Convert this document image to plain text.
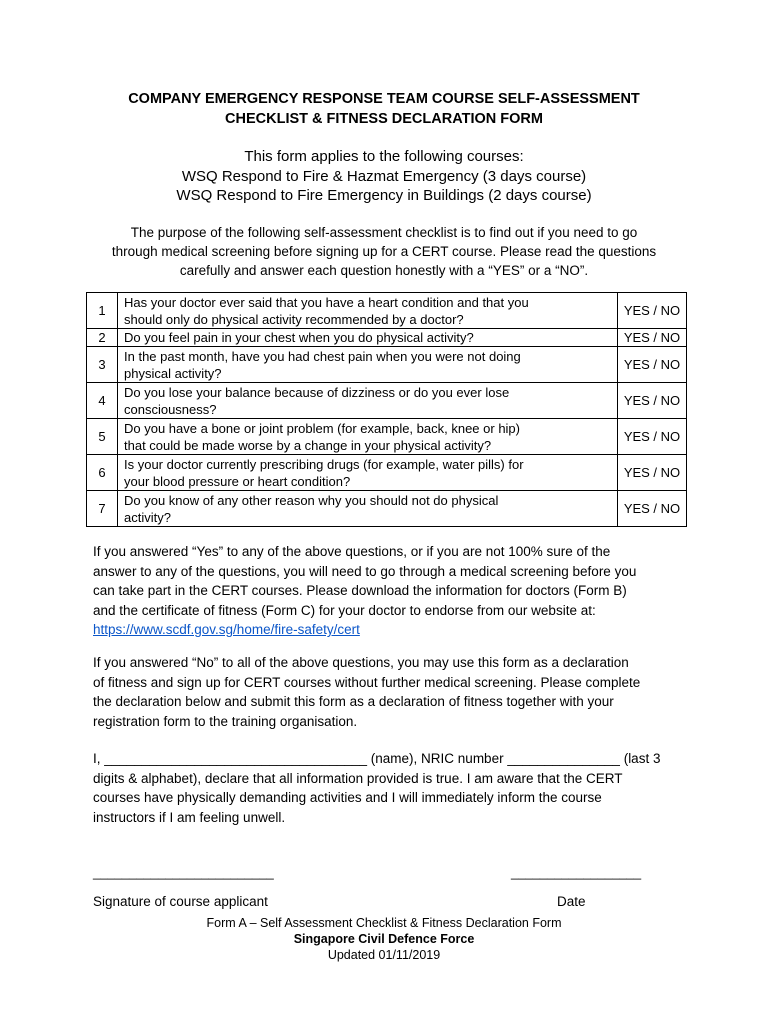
COMPANY EMERGENCY RESPONSE TEAM COURSE SELF-ASSESSMENT
CHECKLIST & FITNESS DECLARATION FORM
This form applies to the following courses:
WSQ Respond to Fire & Hazmat Emergency (3 days course)
WSQ Respond to Fire Emergency in Buildings (2 days course)
The purpose of the following self-assessment checklist is to find out if you need to go
through medical screening before signing up for a CERT course. Please read the questions
carefully and answer each question honestly with a “YES” or a “NO”.
1	Has your doctor ever said that you have a heart condition and that you
should only do physical activity recommended by a doctor?	YES / NO
2	Do you feel pain in your chest when you do physical activity?	YES / NO
3	In the past month, have you had chest pain when you were not doing
physical activity?	YES / NO
4	Do you lose your balance because of dizziness or do you ever lose
consciousness?	YES / NO
5	Do you have a bone or joint problem (for example, back, knee or hip)
that could be made worse by a change in your physical activity?	YES / NO
6	Is your doctor currently prescribing drugs (for example, water pills) for
your blood pressure or heart condition?	YES / NO
7	Do you know of any other reason why you should not do physical
activity?	YES / NO
If you answered “Yes” to any of the above questions, or if you are not 100% sure of the
answer to any of the questions, you will need to go through a medical screening before you
can take part in the CERT courses. Please download the information for doctors (Form B)
and the certificate of fitness (Form C) for your doctor to endorse from our website at:
https://www.scdf.gov.sg/home/fire-safety/cert
If you answered “No” to all of the above questions, you may use this form as a declaration
of fitness and sign up for CERT courses without further medical screening. Please complete
the declaration below and submit this form as a declaration of fitness together with your
registration form to the training organisation.
I, ___________________________________ (name), NRIC number _______________ (last 3
digits & alphabet), declare that all information provided is true. I am aware that the CERT
courses have physically demanding activities and I will immediately inform the course
instructors if I am feeling unwell.
_________________________	__________________
Signature of course applicant	Date
Form A – Self Assessment Checklist & Fitness Declaration Form
Singapore Civil Defence Force
Updated 01/11/2019
